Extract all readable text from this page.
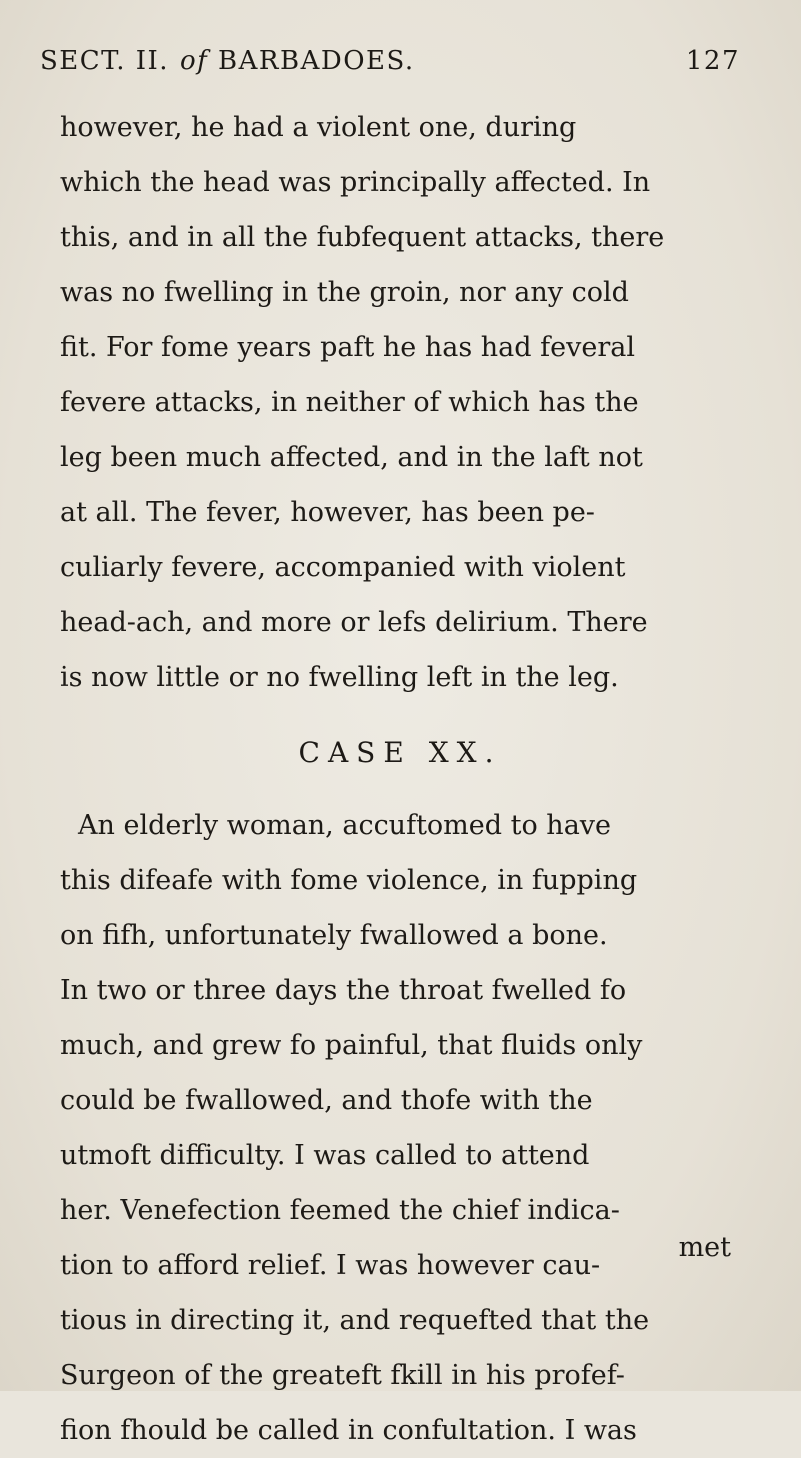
SECT. II. of BARBADOES.	127
however, he had a violent one, during
which the head was principally affected. In
this, and in all the fubfequent attacks, there
was no fwelling in the groin, nor any cold
fit. For fome years paft he has had feveral
fevere attacks, in neither of which has the
leg been much affected, and in the laft not
at all. The fever, however, has been pe-
culiarly fevere, accompanied with violent
head-ach, and more or lefs delirium. There
is now little or no fwelling left in the leg.
CASE XX.
An elderly woman, accuftomed to have
this difeafe with fome violence, in fupping
on fifh, unfortunately fwallowed a bone.
In two or three days the throat fwelled fo
much, and grew fo painful, that fluids only
could be fwallowed, and thofe with the
utmoft difficulty. I was called to attend
her. Venefection feemed the chief indica-
tion to afford relief. I was however cau-
tious in directing it, and requefted that the
Surgeon of the greateft fkill in his profef-
fion fhould be called in confultation. I was
met
